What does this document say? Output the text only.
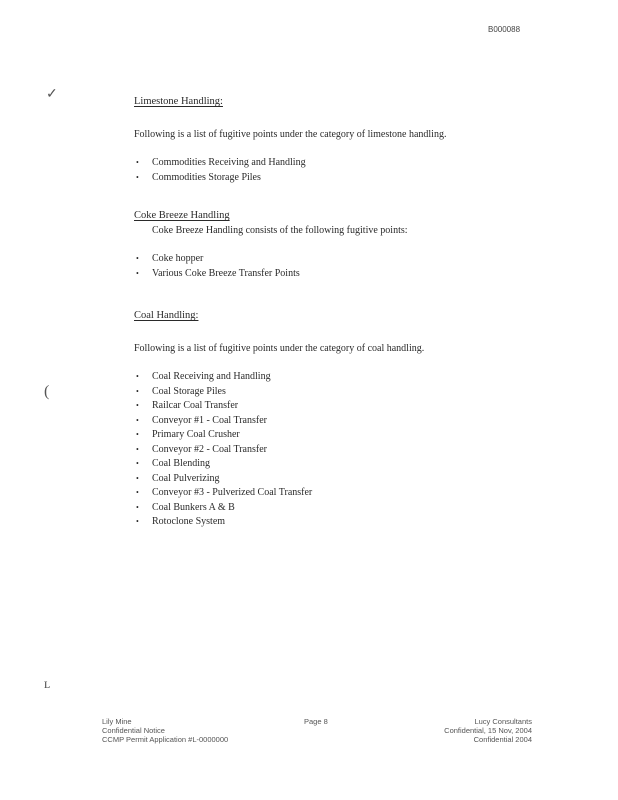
B000088
✓
(
ʟ

Limestone Handling:

Following is a list of fugitive points under the category of limestone handling.

• Commodities Receiving and Handling
• Commodities Storage Piles

Coke Breeze Handling

Coke Breeze Handling consists of the following fugitive points:

• Coke hopper
• Various Coke Breeze Transfer Points

Coal Handling:

Following is a list of fugitive points under the category of coal handling.

• Coal Receiving and Handling
• Coal Storage Piles
• Railcar Coal Transfer
• Conveyor #1 - Coal Transfer
• Primary Coal Crusher
• Conveyor #2 - Coal Transfer
• Coal Blending
• Coal Pulverizing
• Conveyor #3 - Pulverized Coal Transfer
• Coal Bunkers A & B
• Rotoclone System
Lily Mine
Confidential Notice
CCMP Permit Application #L-0000000
Page 8	Lucy Consultants
Confidential, 15 Nov, 2004
Confidential 2004
